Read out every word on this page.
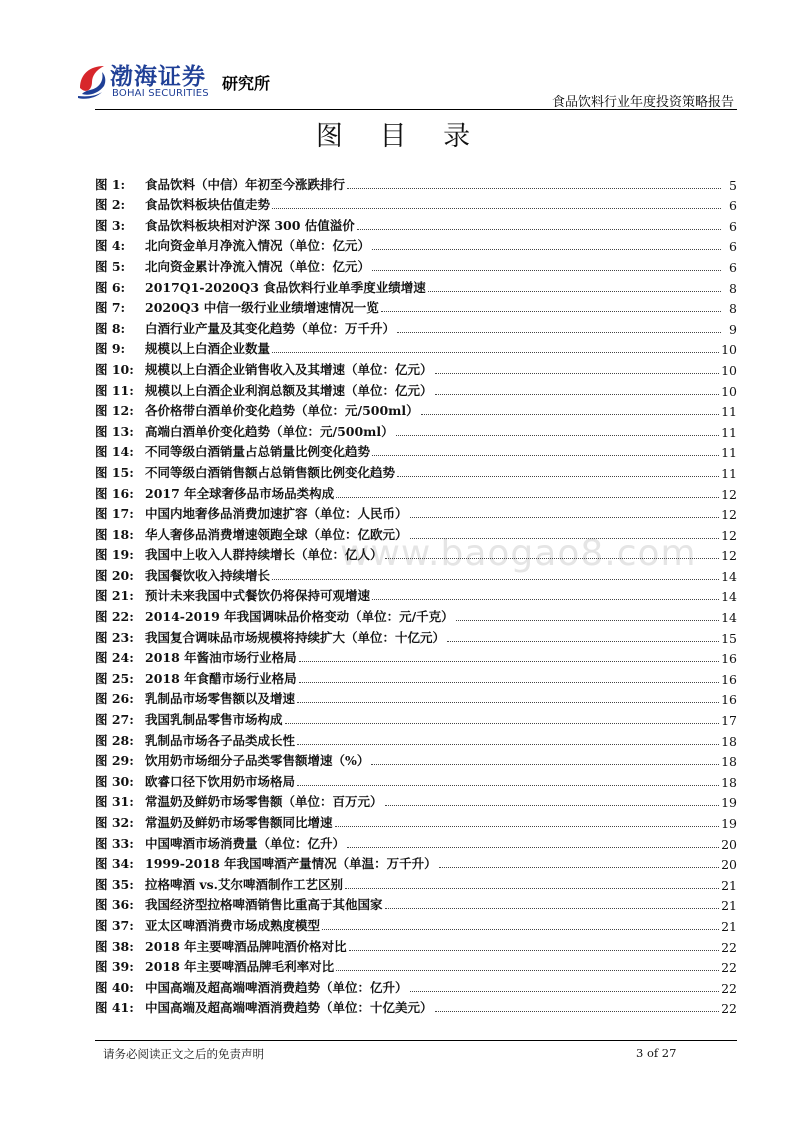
渤海证券
BOHAI SECURITIES
研究所
食品饮料行业年度投资策略报告
图 目 录
www.baogao8.com
图 1:	食品饮料（中信）年初至今涨跌排行	5
图 2:	食品饮料板块估值走势	6
图 3:	食品饮料板块相对沪深 300 估值溢价	6
图 4:	北向资金单月净流入情况（单位：亿元）	6
图 5:	北向资金累计净流入情况（单位：亿元）	6
图 6:	2017Q1-2020Q3 食品饮料行业单季度业绩增速	8
图 7:	2020Q3 中信一级行业业绩增速情况一览	8
图 8:	白酒行业产量及其变化趋势（单位：万千升）	9
图 9:	规模以上白酒企业数量	10
图 10: 规模以上白酒企业销售收入及其增速（单位：亿元）	10
图 11: 规模以上白酒企业利润总额及其增速（单位：亿元）	10
图 12: 各价格带白酒单价变化趋势（单位：元/500ml）	11
图 13: 高端白酒单价变化趋势（单位：元/500ml）	11
图 14: 不同等级白酒销量占总销量比例变化趋势	11
图 15: 不同等级白酒销售额占总销售额比例变化趋势	11
图 16: 2017 年全球奢侈品市场品类构成	12
图 17: 中国内地奢侈品消费加速扩容（单位：人民币）	12
图 18: 华人奢侈品消费增速领跑全球（单位：亿欧元）	12
图 19: 我国中上收入人群持续增长（单位：亿人）	12
图 20: 我国餐饮收入持续增长	14
图 21: 预计未来我国中式餐饮仍将保持可观增速	14
图 22: 2014-2019 年我国调味品价格变动（单位：元/千克）	14
图 23: 我国复合调味品市场规模将持续扩大（单位：十亿元）	15
图 24: 2018 年酱油市场行业格局	16
图 25: 2018 年食醋市场行业格局	16
图 26: 乳制品市场零售额以及增速	16
图 27: 我国乳制品零售市场构成	17
图 28: 乳制品市场各子品类成长性	18
图 29: 饮用奶市场细分子品类零售额增速（%）	18
图 30: 欧睿口径下饮用奶市场格局	18
图 31: 常温奶及鲜奶市场零售额（单位：百万元）	19
图 32: 常温奶及鲜奶市场零售额同比增速	19
图 33: 中国啤酒市场消费量（单位：亿升）	20
图 34: 1999-2018 年我国啤酒产量情况（单温：万千升）	20
图 35: 拉格啤酒 vs.艾尔啤酒制作工艺区别	21
图 36: 我国经济型拉格啤酒销售比重高于其他国家	21
图 37: 亚太区啤酒消费市场成熟度模型	21
图 38: 2018 年主要啤酒品牌吨酒价格对比	22
图 39: 2018 年主要啤酒品牌毛利率对比	22
图 40: 中国高端及超高端啤酒消费趋势（单位：亿升）	22
图 41: 中国高端及超高端啤酒消费趋势（单位：十亿美元）	22
请务必阅读正文之后的免责声明	3 of 27
